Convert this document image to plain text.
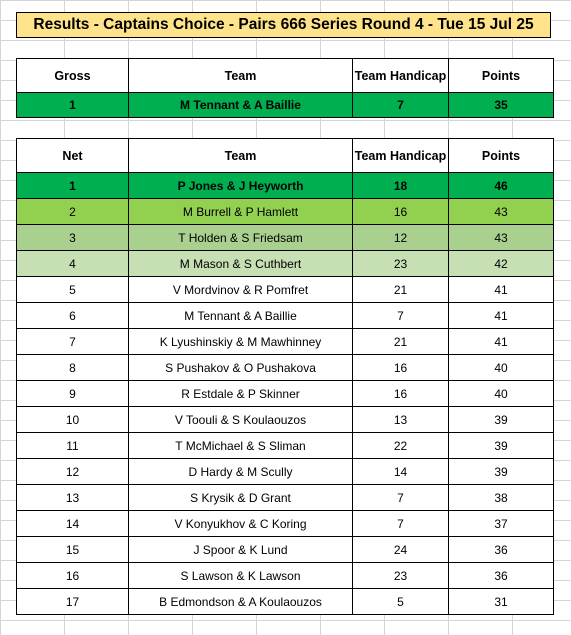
Results - Captains Choice - Pairs 666 Series Round 4 - Tue 15 Jul 25
Gross	Team	Team Handicap	Points
1	M Tennant & A Baillie	7	35
Net	Team	Team Handicap	Points
1	P Jones & J Heyworth	18	46
2	M Burrell & P Hamlett	16	43
3	T Holden & S Friedsam	12	43
4	M Mason & S Cuthbert	23	42
5	V Mordvinov & R Pomfret	21	41
6	M Tennant & A Baillie	7	41
7	K Lyushinskiy & M Mawhinney	21	41
8	S Pushakov & O Pushakova	16	40
9	R Estdale & P Skinner	16	40
10	V Toouli & S Koulaouzos	13	39
11	T McMichael & S Sliman	22	39
12	D Hardy & M Scully	14	39
13	S Krysik & D Grant	7	38
14	V Konyukhov & C Koring	7	37
15	J Spoor & K Lund	24	36
16	S Lawson & K Lawson	23	36
17	B Edmondson & A Koulaouzos	5	31
